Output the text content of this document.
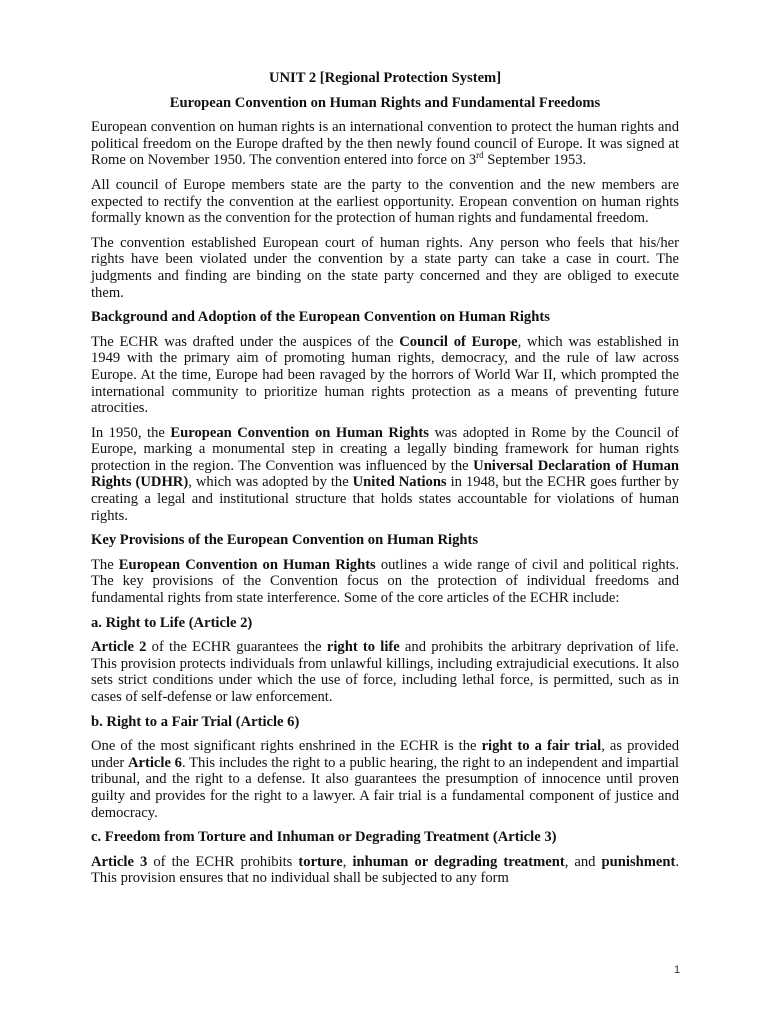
UNIT 2 [Regional Protection System]
European Convention on Human Rights and Fundamental Freedoms

European convention on human rights is an international convention to protect the human rights and political freedom on the Europe drafted by the then newly found council of Europe. It was signed at Rome on November 1950. The convention entered into force on 3rd September 1953.

All council of Europe members state are the party to the convention and the new members are expected to rectify the convention at the earliest opportunity. Eropean convention on human rights formally known as the convention for the protection of human rights and fundamental freedom.

The convention established European court of human rights. Any person who feels that his/her rights have been violated under the convention by a state party can take a case in court. The judgments and finding are binding on the state party concerned and they are obliged to execute them.

Background and Adoption of the European Convention on Human Rights

The ECHR was drafted under the auspices of the Council of Europe, which was established in 1949 with the primary aim of promoting human rights, democracy, and the rule of law across Europe. At the time, Europe had been ravaged by the horrors of World War II, which prompted the international community to prioritize human rights protection as a means of preventing future atrocities.

In 1950, the European Convention on Human Rights was adopted in Rome by the Council of Europe, marking a monumental step in creating a legally binding framework for human rights protection in the region. The Convention was influenced by the Universal Declaration of Human Rights (UDHR), which was adopted by the United Nations in 1948, but the ECHR goes further by creating a legal and institutional structure that holds states accountable for violations of human rights.

Key Provisions of the European Convention on Human Rights

The European Convention on Human Rights outlines a wide range of civil and political rights. The key provisions of the Convention focus on the protection of individual freedoms and fundamental rights from state interference. Some of the core articles of the ECHR include:

a. Right to Life (Article 2)

Article 2 of the ECHR guarantees the right to life and prohibits the arbitrary deprivation of life. This provision protects individuals from unlawful killings, including extrajudicial executions. It also sets strict conditions under which the use of force, including lethal force, is permitted, such as in cases of self-defense or law enforcement.

b. Right to a Fair Trial (Article 6)

One of the most significant rights enshrined in the ECHR is the right to a fair trial, as provided under Article 6. This includes the right to a public hearing, the right to an independent and impartial tribunal, and the right to a defense. It also guarantees the presumption of innocence until proven guilty and provides for the right to a lawyer. A fair trial is a fundamental component of justice and democracy.

c. Freedom from Torture and Inhuman or Degrading Treatment (Article 3)

Article 3 of the ECHR prohibits torture, inhuman or degrading treatment, and punishment. This provision ensures that no individual shall be subjected to any form

1
